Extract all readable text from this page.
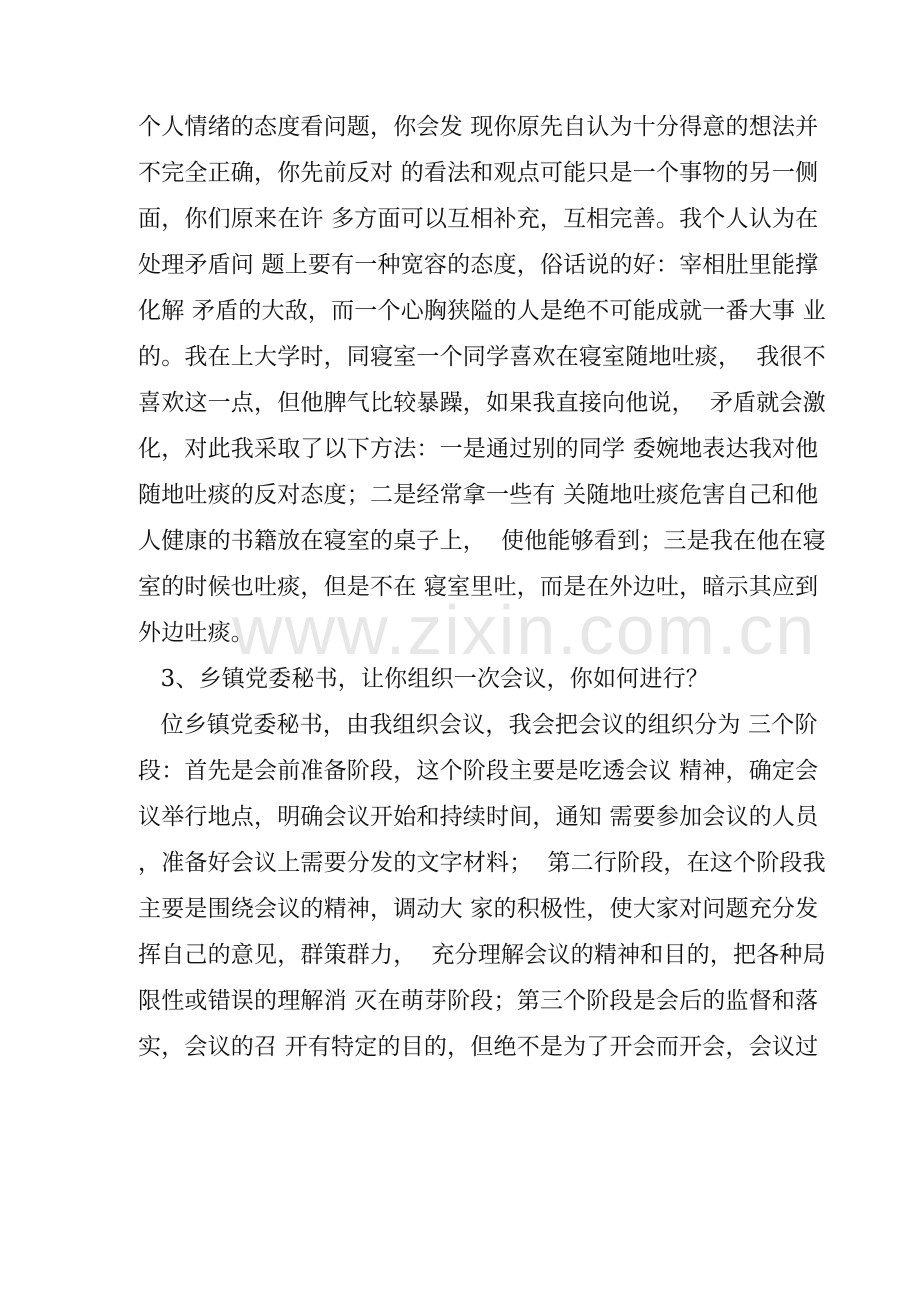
个人情绪的态度看问题，你会发 现你原先自认为十分得意的想法并
不完全正确，你先前反对 的看法和观点可能只是一个事物的另一侧
面，你们原来在许 多方面可以互相补充，互相完善。我个人认为在
处理矛盾问 题上要有一种宽容的态度，俗话说的好：宰相肚里能撑
化解 矛盾的大敌，而一个心胸狭隘的人是绝不可能成就一番大事 业
的。我在上大学时，同寝室一个同学喜欢在寝室随地吐痰，  我很不
喜欢这一点，但他脾气比较暴躁，如果我直接向他说，  矛盾就会激
化，对此我采取了以下方法：一是通过别的同学 委婉地表达我对他
随地吐痰的反对态度；二是经常拿一些有 关随地吐痰危害自己和他
人健康的书籍放在寝室的桌子上，  使他能够看到；三是我在他在寝
室的时候也吐痰，但是不在 寝室里吐，而是在外边吐，暗示其应到
外边吐痰。
3、乡镇党委秘书，让你组织一次会议，你如何进行？
位乡镇党委秘书，由我组织会议，我会把会议的组织分为 三个阶
段：首先是会前准备阶段，这个阶段主要是吃透会议 精神，确定会
议举行地点，明确会议开始和持续时间，通知 需要参加会议的人员
，准备好会议上需要分发的文字材料；  第二行阶段，在这个阶段我
主要是围绕会议的精神，调动大 家的积极性，使大家对问题充分发
挥自己的意见，群策群力，  充分理解会议的精神和目的，把各种局
限性或错误的理解消 灭在萌芽阶段；第三个阶段是会后的监督和落
实，会议的召 开有特定的目的，但绝不是为了开会而开会，会议过
www.zixin.com.cn
